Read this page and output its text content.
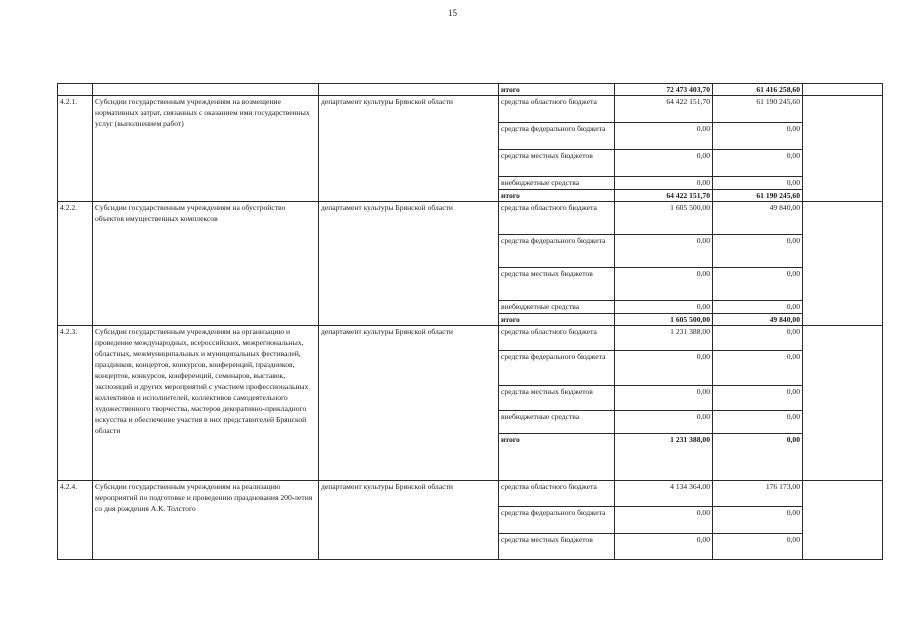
15
			итого	72 473 403,70	61 416 258,60	
4.2.1.	Субсидии государственным учреждениям на возмещение нормативных затрат, связанных с оказанием ими государственных услуг (выполнением работ)	департамент культуры Брянской области	средства областного бюджета	64 422 151,70	61 190 245,60	
			средства федерального бюджета	0,00	0,00	
			средства местных бюджетов	0,00	0,00	
			внебюджетные средства	0,00	0,00	
			итого	64 422 151,70	61 190 245,60	
4.2.2.	Субсидии государственным учреждениям на обустройство объектов имущественных комплексов	департамент культуры Брянской области	средства областного бюджета	1 605 500,00	49 840,00	
			средства федерального бюджета	0,00	0,00	
			средства местных бюджетов	0,00	0,00	
			внебюджетные средства	0,00	0,00	
			итого	1 605 500,00	49 840,00	
4.2.3.	Субсидии государственным учреждениям на организацию и проведение международных, всероссийских, межрегиональных, областных, межмуниципальных и муниципальных фестивалей, праздников, концертов, конкурсов, конференций, праздников, концертов, конкурсов, конференций, семинаров, выставок, экспозиций и других мероприятий с участием профессиональных коллективов и исполнителей, коллективов самодеятельного художественного творчества, мастеров декоративно-прикладного искусства и обеспечение участия в них представителей Брянской области	департамент культуры Брянской области	средства областного бюджета	1 231 388,00	0,00	
			средства федерального бюджета	0,00	0,00	
			средства местных бюджетов	0,00	0,00	
			внебюджетные средства	0,00	0,00	
			итого	1 231 388,00	0,00	
4.2.4.	Субсидии государственным учреждениям на реализацию мероприятий по подготовке и проведению празднования 200-летия со дня рождения А.К. Толстого	департамент культуры Брянской области	средства областного бюджета	4 134 364,00	176 173,00	
			средства федерального бюджета	0,00	0,00	
			средства местных бюджетов	0,00	0,00	
